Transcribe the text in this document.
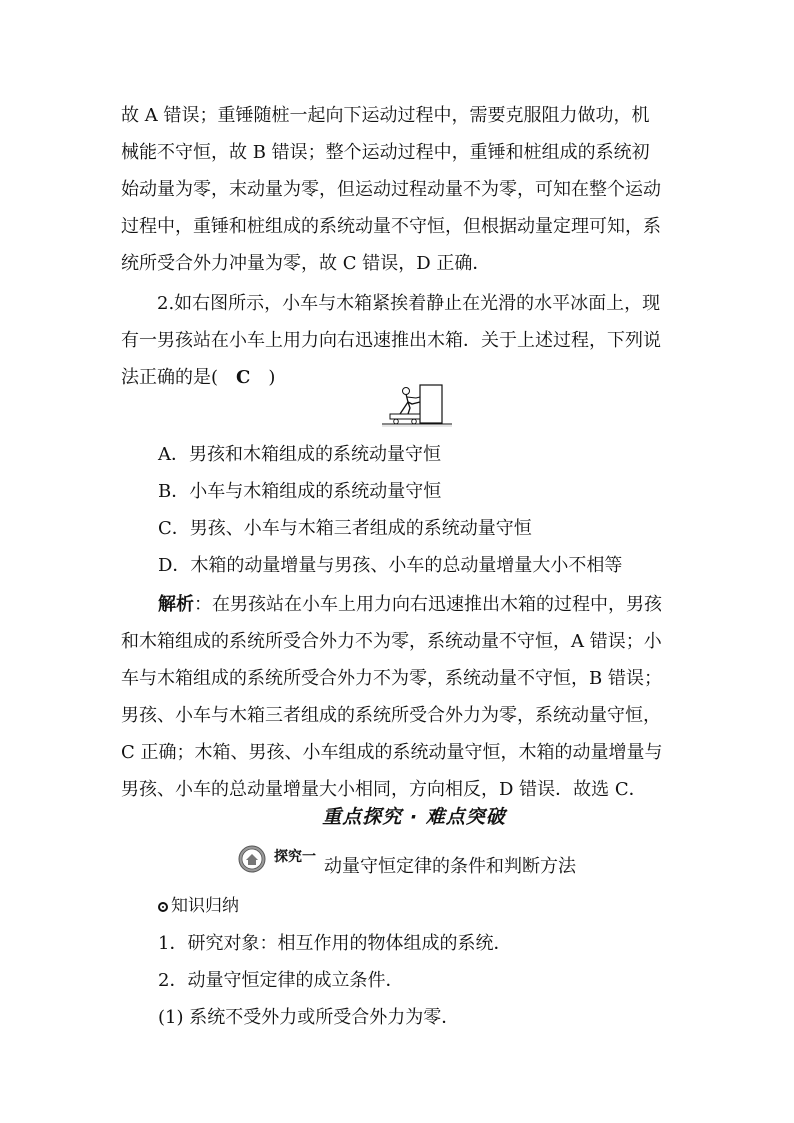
故 A 错误；重锤随桩一起向下运动过程中，需要克服阻力做功，机
械能不守恒，故 B 错误；整个运动过程中，重锤和桩组成的系统初
始动量为零，末动量为零，但运动过程动量不为零，可知在整个运动
过程中，重锤和桩组成的系统动量不守恒，但根据动量定理可知，系
统所受合外力冲量为零，故 C 错误，D 正确．
2.如右图所示，小车与木箱紧挨着静止在光滑的水平冰面上，现
有一男孩站在小车上用力向右迅速推出木箱．关于上述过程，下列说
法正确的是(　C　)
A．男孩和木箱组成的系统动量守恒
B．小车与木箱组成的系统动量守恒
C．男孩、小车与木箱三者组成的系统动量守恒
D．木箱的动量增量与男孩、小车的总动量增量大小不相等
解析：在男孩站在小车上用力向右迅速推出木箱的过程中，男孩
和木箱组成的系统所受合外力不为零，系统动量不守恒，A 错误；小
车与木箱组成的系统所受合外力不为零，系统动量不守恒，B 错误；
男孩、小车与木箱三者组成的系统所受合外力为零，系统动量守恒，
C 正确；木箱、男孩、小车组成的系统动量守恒，木箱的动量增量与
男孩、小车的总动量增量大小相同，方向相反，D 错误．故选 C．
重点探究 · 难点突破
探究一 动量守恒定律的条件和判断方法
知识归纳
1．研究对象：相互作用的物体组成的系统．
2．动量守恒定律的成立条件．
(1) 系统不受外力或所受合外力为零．
